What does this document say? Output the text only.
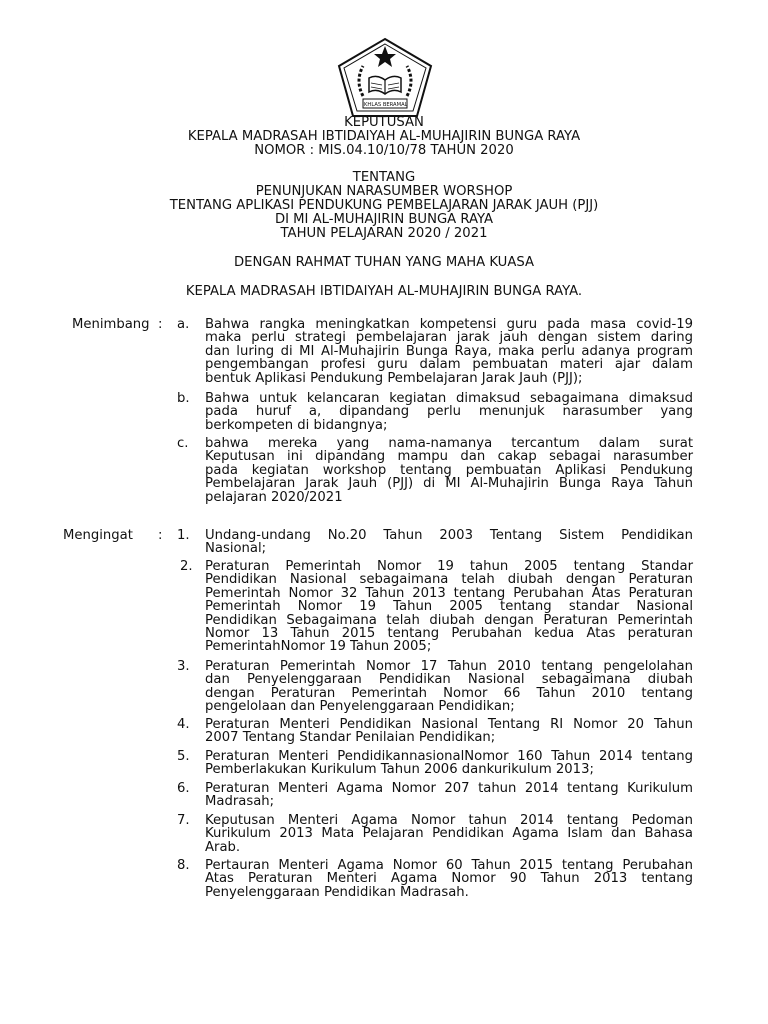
IKHLAS BERAMAL
KEPUTUSAN
KEPALA MADRASAH IBTIDAIYAH AL-MUHAJIRIN BUNGA RAYA
NOMOR : MIS.04.10/10/78 TAHUN 2020
TENTANG
PENUNJUKAN NARASUMBER WORSHOP
TENTANG APLIKASI PENDUKUNG PEMBELAJARAN JARAK JAUH (PJJ)
DI MI AL-MUHAJIRIN BUNGA RAYA
TAHUN PELAJARAN 2020 / 2021
DENGAN RAHMAT TUHAN YANG MAHA KUASA
KEPALA MADRASAH IBTIDAIYAH AL-MUHAJIRIN BUNGA RAYA.
Menimbang : a.	Bahwa rangka meningkatkan kompetensi guru pada masa covid-19
maka perlu strategi pembelajaran jarak jauh dengan sistem daring
dan luring di MI Al-Muhajirin Bunga Raya, maka perlu adanya program
pengembangan profesi guru dalam pembuatan materi ajar dalam
bentuk Aplikasi Pendukung Pembelajaran Jarak Jauh (PJJ);
b.	Bahwa untuk kelancaran kegiatan dimaksud sebagaimana dimaksud
pada huruf a, dipandang perlu menunjuk narasumber yang
berkompeten di bidangnya;
c.	bahwa mereka yang nama-namanya tercantum dalam surat
Keputusan ini dipandang mampu dan cakap sebagai narasumber
pada kegiatan workshop tentang pembuatan Aplikasi Pendukung
Pembelajaran Jarak Jauh (PJJ) di MI Al-Muhajirin Bunga Raya Tahun
pelajaran 2020/2021
Mengingat : 1.	Undang-undang No.20 Tahun 2003 Tentang Sistem Pendidikan
Nasional;
2. Peraturan Pemerintah Nomor 19 tahun 2005 tentang Standar
Pendidikan Nasional sebagaimana telah diubah dengan Peraturan
Pemerintah Nomor 32 Tahun 2013 tentang Perubahan Atas Peraturan
Pemerintah Nomor 19 Tahun 2005 tentang standar Nasional
Pendidikan Sebagaimana telah diubah dengan Peraturan Pemerintah
Nomor 13 Tahun 2015 tentang Perubahan kedua Atas peraturan
PemerintahNomor 19 Tahun 2005;
3.	Peraturan Pemerintah Nomor 17 Tahun 2010 tentang pengelolahan
dan Penyelenggaraan Pendidikan Nasional sebagaimana diubah
dengan Peraturan Pemerintah Nomor 66 Tahun 2010 tentang
pengelolaan dan Penyelenggaraan Pendidikan;
4.	Peraturan Menteri Pendidikan Nasional Tentang RI Nomor 20 Tahun
2007 Tentang Standar Penilaian Pendidikan;
5.	Peraturan Menteri PendidikannasionalNomor 160 Tahun 2014 tentang
Pemberlakukan Kurikulum Tahun 2006 dankurikulum 2013;
6.	Peraturan Menteri Agama Nomor 207 tahun 2014 tentang Kurikulum
Madrasah;
7.	Keputusan Menteri Agama Nomor tahun 2014 tentang Pedoman
Kurikulum 2013 Mata Pelajaran Pendidikan Agama Islam dan Bahasa
Arab.
8.	Pertauran Menteri Agama Nomor 60 Tahun 2015 tentang Perubahan
Atas Peraturan Menteri Agama Nomor 90 Tahun 2013 tentang
Penyelenggaraan Pendidikan Madrasah.
